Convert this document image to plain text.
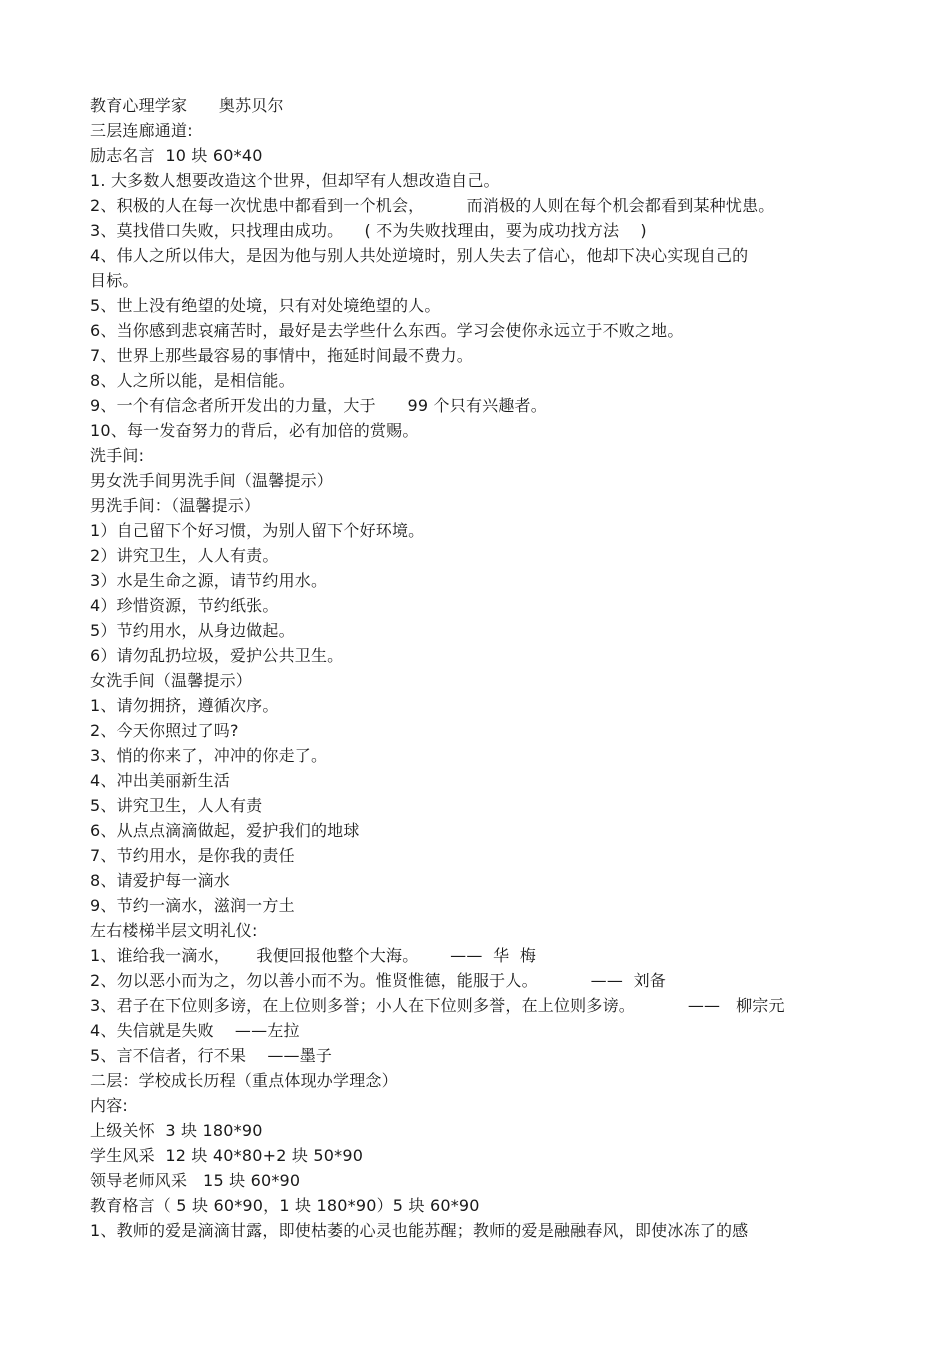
教育心理学家      奥苏贝尔
三层连廊通道:
励志名言  10 块 60*40
1. 大多数人想要改造这个世界，但却罕有人想改造自己。
2、积极的人在每一次忧患中都看到一个机会，        而消极的人则在每个机会都看到某种忧患。
3、莫找借口失败，只找理由成功。    ( 不为失败找理由，要为成功找方法    )
4、伟人之所以伟大，是因为他与别人共处逆境时，别人失去了信心，他却下决心实现自己的
目标。
5、世上没有绝望的处境，只有对处境绝望的人。
6、当你感到悲哀痛苦时，最好是去学些什么东西。学习会使你永远立于不败之地。
7、世界上那些最容易的事情中，拖延时间最不费力。
8、人之所以能，是相信能。
9、一个有信念者所开发出的力量，大于      99 个只有兴趣者。
10、每一发奋努力的背后，必有加倍的赏赐。
洗手间:
男女洗手间男洗手间（温馨提示）
男洗手间：（温馨提示）
1）自己留下个好习惯，为别人留下个好环境。
2）讲究卫生，人人有责。
3）水是生命之源，请节约用水。
4）珍惜资源，节约纸张。
5）节约用水，从身边做起。
6）请勿乱扔垃圾，爱护公共卫生。
女洗手间（温馨提示）
1、请勿拥挤，遵循次序。
2、今天你照过了吗?
3、悄的你来了，冲冲的你走了。
4、冲出美丽新生活
5、讲究卫生，人人有责
6、从点点滴滴做起，爱护我们的地球
7、节约用水，是你我的责任
8、请爱护每一滴水
9、节约一滴水，滋润一方土
左右楼梯半层文明礼仪:
1、谁给我一滴水，     我便回报他整个大海。      ——  华  梅
2、勿以恶小而为之，勿以善小而不为。惟贤惟德，能服于人。          ——  刘备
3、君子在下位则多谤，在上位则多誉；小人在下位则多誉，在上位则多谤。          ——   柳宗元
4、失信就是失败    ——左拉
5、言不信者，行不果    ——墨子
二层：学校成长历程（重点体现办学理念）
内容:
上级关怀  3 块 180*90
学生风采  12 块 40*80+2 块 50*90
领导老师风采   15 块 60*90
教育格言（ 5 块 60*90，1 块 180*90）5 块 60*90
1、教师的爱是滴滴甘露，即使枯萎的心灵也能苏醒；教师的爱是融融春风，即使冰冻了的感
